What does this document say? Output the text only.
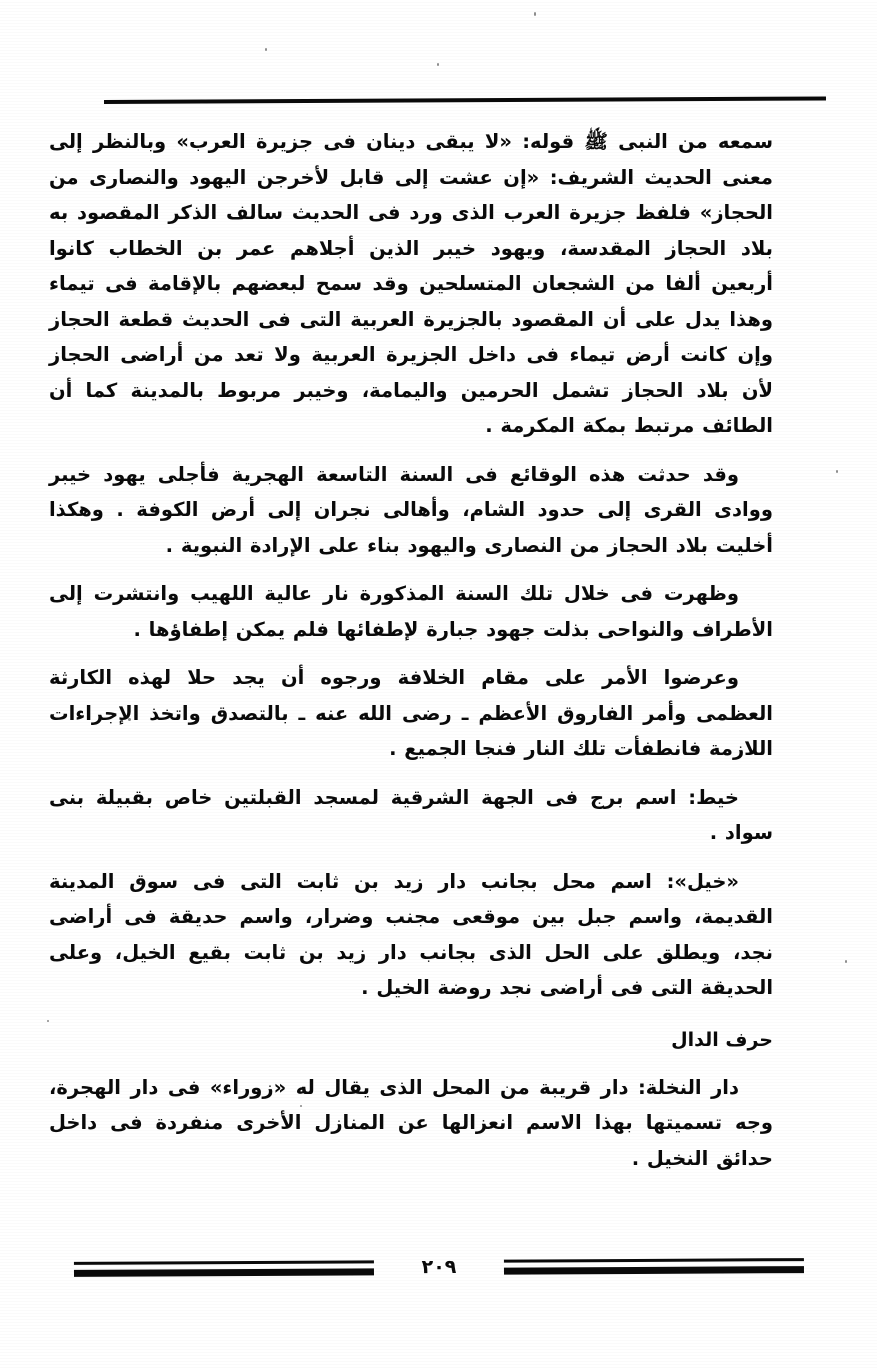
سمعه من النبى ﷺ قوله: «لا يبقى دينان فى جزيرة العرب» وبالنظر إلى معنى الحديث الشريف: «إن عشت إلى قابل لأخرجن اليهود والنصارى من الحجاز» فلفظ جزيرة العرب الذى ورد فى الحديث سالف الذكر المقصود به بلاد الحجاز المقدسة، ويهود خيبر الذين أجلاهم عمر بن الخطاب كانوا أربعين ألفا من الشجعان المتسلحين وقد سمح لبعضهم بالإقامة فى تيماء وهذا يدل على أن المقصود بالجزيرة العربية التى فى الحديث قطعة الحجاز وإن كانت أرض تيماء فى داخل الجزيرة العربية ولا تعد من أراضى الحجاز لأن بلاد الحجاز تشمل الحرمين واليمامة، وخيبر مربوط بالمدينة كما أن الطائف مرتبط بمكة المكرمة .

وقد حدثت هذه الوقائع فى السنة التاسعة الهجرية فأجلى يهود خيبر ووادى القرى إلى حدود الشام، وأهالى نجران إلى أرض الكوفة . وهكذا أخليت بلاد الحجاز من النصارى واليهود بناء على الإرادة النبوية .

وظهرت فى خلال تلك السنة المذكورة نار عالية اللهيب وانتشرت إلى الأطراف والنواحى بذلت جهود جبارة لإطفائها فلم يمكن إطفاؤها .

وعرضوا الأمر على مقام الخلافة ورجوه أن يجد حلا لهذه الكارثة العظمى وأمر الفاروق الأعظم ـ رضى الله عنه ـ بالتصدق واتخذ الإجراءات اللازمة فانطفأت تلك النار فنجا الجميع .

خيط: اسم برج فى الجهة الشرقية لمسجد القبلتين خاص بقبيلة بنى سواد .

«خيل»: اسم محل بجانب دار زيد بن ثابت التى فى سوق المدينة القديمة، واسم جبل بين موقعى مجنب وضرار، واسم حديقة فى أراضى نجد، ويطلق على الحل الذى بجانب دار زيد بن ثابت بقيع الخيل، وعلى الحديقة التى فى أراضى نجد روضة الخيل .

حرف الدال

دار النخلة: دار قريبة من المحل الذى يقال له «زوراء» فى دار الهجرة، وجه تسميتها بهذا الاسم انعزالها عن المنازل الأخرى منفردة فى داخل حدائق النخيل .

٢٠٩
